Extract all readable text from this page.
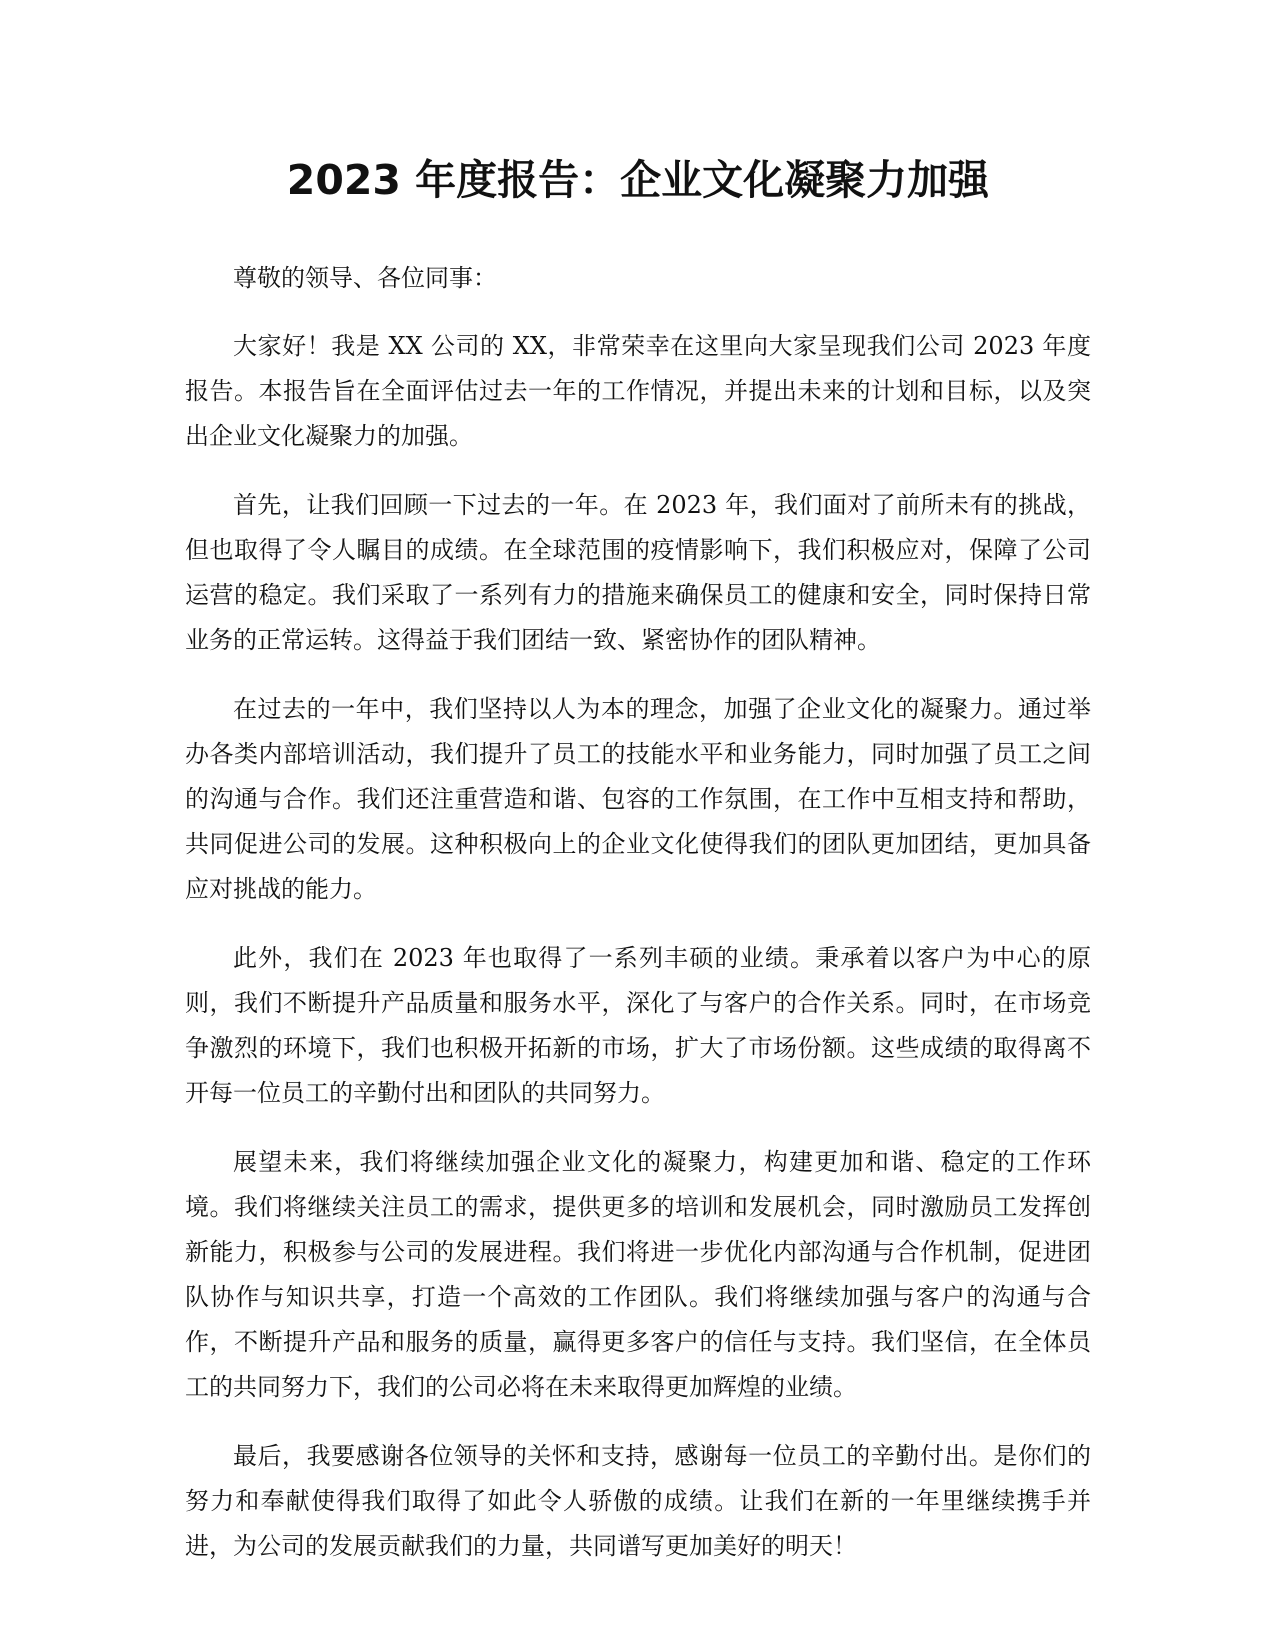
2023 年度报告：企业文化凝聚力加强

尊敬的领导、各位同事：

大家好！我是 XX 公司的 XX，非常荣幸在这里向大家呈现我们公司 2023 年度报告。本报告旨在全面评估过去一年的工作情况，并提出未来的计划和目标，以及突出企业文化凝聚力的加强。

首先，让我们回顾一下过去的一年。在 2023 年，我们面对了前所未有的挑战，但也取得了令人瞩目的成绩。在全球范围的疫情影响下，我们积极应对，保障了公司运营的稳定。我们采取了一系列有力的措施来确保员工的健康和安全，同时保持日常业务的正常运转。这得益于我们团结一致、紧密协作的团队精神。

在过去的一年中，我们坚持以人为本的理念，加强了企业文化的凝聚力。通过举办各类内部培训活动，我们提升了员工的技能水平和业务能力，同时加强了员工之间的沟通与合作。我们还注重营造和谐、包容的工作氛围，在工作中互相支持和帮助，共同促进公司的发展。这种积极向上的企业文化使得我们的团队更加团结，更加具备应对挑战的能力。

此外，我们在 2023 年也取得了一系列丰硕的业绩。秉承着以客户为中心的原则，我们不断提升产品质量和服务水平，深化了与客户的合作关系。同时，在市场竞争激烈的环境下，我们也积极开拓新的市场，扩大了市场份额。这些成绩的取得离不开每一位员工的辛勤付出和团队的共同努力。

展望未来，我们将继续加强企业文化的凝聚力，构建更加和谐、稳定的工作环境。我们将继续关注员工的需求，提供更多的培训和发展机会，同时激励员工发挥创新能力，积极参与公司的发展进程。我们将进一步优化内部沟通与合作机制，促进团队协作与知识共享，打造一个高效的工作团队。我们将继续加强与客户的沟通与合作，不断提升产品和服务的质量，赢得更多客户的信任与支持。我们坚信，在全体员工的共同努力下，我们的公司必将在未来取得更加辉煌的业绩。

最后，我要感谢各位领导的关怀和支持，感谢每一位员工的辛勤付出。是你们的努力和奉献使得我们取得了如此令人骄傲的成绩。让我们在新的一年里继续携手并进，为公司的发展贡献我们的力量，共同谱写更加美好的明天！
